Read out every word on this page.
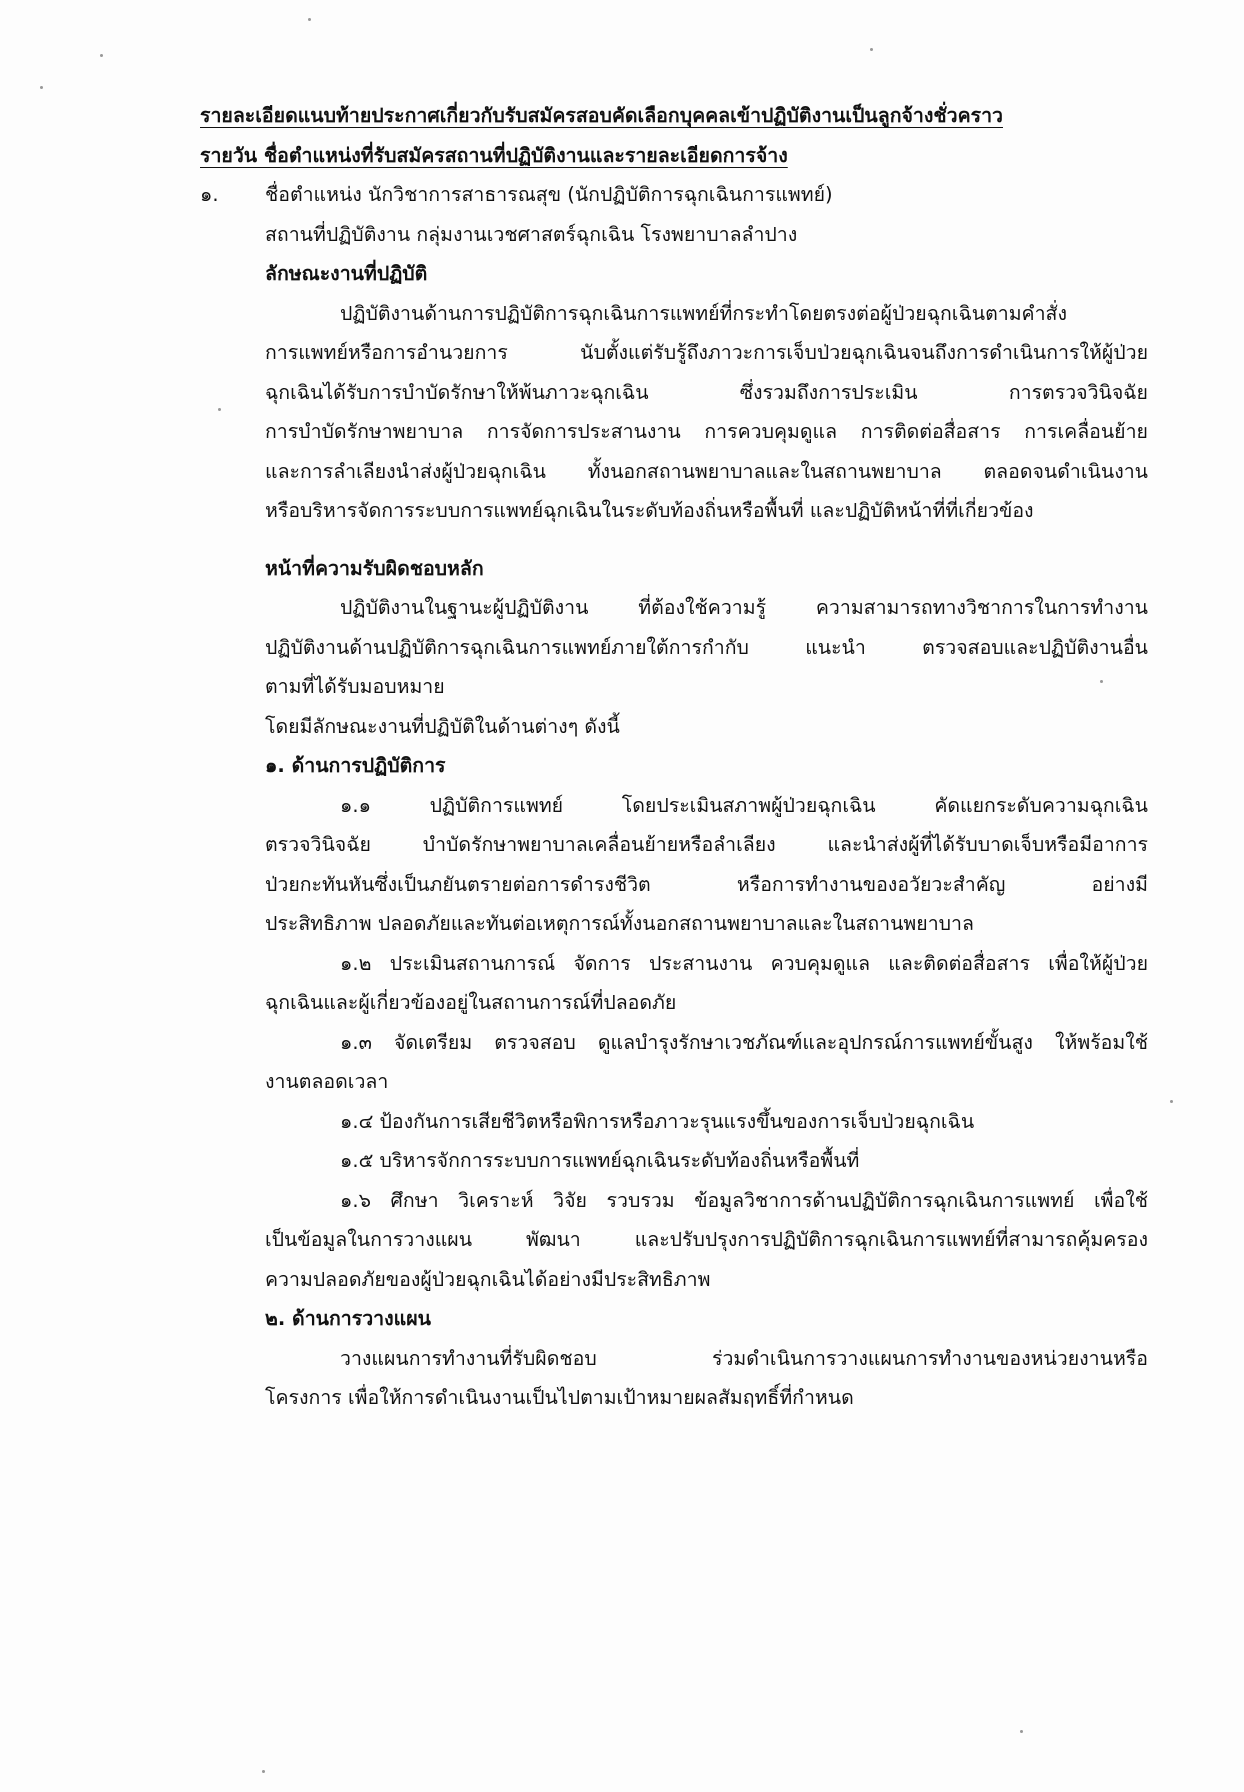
รายละเอียดแนบท้ายประกาศเกี่ยวกับรับสมัครสอบคัดเลือกบุคคลเข้าปฏิบัติงานเป็นลูกจ้างชั่วคราว
รายวัน ชื่อตำแหน่งที่รับสมัครสถานที่ปฏิบัติงานและรายละเอียดการจ้าง
๑. ชื่อตำแหน่ง นักวิชาการสาธารณสุข (นักปฏิบัติการฉุกเฉินการแพทย์)
สถานที่ปฏิบัติงาน กลุ่มงานเวชศาสตร์ฉุกเฉิน โรงพยาบาลลำปาง
ลักษณะงานที่ปฏิบัติ
ปฏิบัติงานด้านการปฏิบัติการฉุกเฉินการแพทย์ที่กระทำโดยตรงต่อผู้ป่วยฉุกเฉินตามคำสั่ง
การแพทย์หรือการอำนวยการ นับตั้งแต่รับรู้ถึงภาวะการเจ็บป่วยฉุกเฉินจนถึงการดำเนินการให้ผู้ป่วย
ฉุกเฉินได้รับการบำบัดรักษาให้พ้นภาวะฉุกเฉิน ซึ่งรวมถึงการประเมิน การตรวจวินิจฉัย
การบำบัดรักษาพยาบาล การจัดการประสานงาน การควบคุมดูแล การติดต่อสื่อสาร การเคลื่อนย้าย
และการลำเลียงนำส่งผู้ป่วยฉุกเฉิน ทั้งนอกสถานพยาบาลและในสถานพยาบาล ตลอดจนดำเนินงาน
หรือบริหารจัดการระบบการแพทย์ฉุกเฉินในระดับท้องถิ่นหรือพื้นที่ และปฏิบัติหน้าที่ที่เกี่ยวข้อง
หน้าที่ความรับผิดชอบหลัก
ปฏิบัติงานในฐานะผู้ปฏิบัติงาน ที่ต้องใช้ความรู้ ความสามารถทางวิชาการในการทำงาน
ปฏิบัติงานด้านปฏิบัติการฉุกเฉินการแพทย์ภายใต้การกำกับ แนะนำ ตรวจสอบและปฏิบัติงานอื่น
ตามที่ได้รับมอบหมาย
โดยมีลักษณะงานที่ปฏิบัติในด้านต่างๆ ดังนี้
๑. ด้านการปฏิบัติการ
๑.๑ ปฏิบัติการแพทย์ โดยประเมินสภาพผู้ป่วยฉุกเฉิน คัดแยกระดับความฉุกเฉิน
ตรวจวินิจฉัย บำบัดรักษาพยาบาลเคลื่อนย้ายหรือลำเลียง และนำส่งผู้ที่ได้รับบาดเจ็บหรือมีอาการ
ป่วยกะทันหันซึ่งเป็นภยันตรายต่อการดำรงชีวิต หรือการทำงานของอวัยวะสำคัญ อย่างมี
ประสิทธิภาพ ปลอดภัยและทันต่อเหตุการณ์ทั้งนอกสถานพยาบาลและในสถานพยาบาล
๑.๒ ประเมินสถานการณ์ จัดการ ประสานงาน ควบคุมดูแล และติดต่อสื่อสาร เพื่อให้ผู้ป่วย
ฉุกเฉินและผู้เกี่ยวข้องอยู่ในสถานการณ์ที่ปลอดภัย
๑.๓ จัดเตรียม ตรวจสอบ ดูแลบำรุงรักษาเวชภัณฑ์และอุปกรณ์การแพทย์ขั้นสูง ให้พร้อมใช้
งานตลอดเวลา
๑.๔ ป้องกันการเสียชีวิตหรือพิการหรือภาวะรุนแรงขึ้นของการเจ็บป่วยฉุกเฉิน
๑.๕ บริหารจักการระบบการแพทย์ฉุกเฉินระดับท้องถิ่นหรือพื้นที่
๑.๖ ศึกษา วิเคราะห์ วิจัย รวบรวม ข้อมูลวิชาการด้านปฏิบัติการฉุกเฉินการแพทย์ เพื่อใช้
เป็นข้อมูลในการวางแผน พัฒนา และปรับปรุงการปฏิบัติการฉุกเฉินการแพทย์ที่สามารถคุ้มครอง
ความปลอดภัยของผู้ป่วยฉุกเฉินได้อย่างมีประสิทธิภาพ
๒. ด้านการวางแผน
วางแผนการทำงานที่รับผิดชอบ ร่วมดำเนินการวางแผนการทำงานของหน่วยงานหรือ
โครงการ เพื่อให้การดำเนินงานเป็นไปตามเป้าหมายผลสัมฤทธิ์ที่กำหนด
